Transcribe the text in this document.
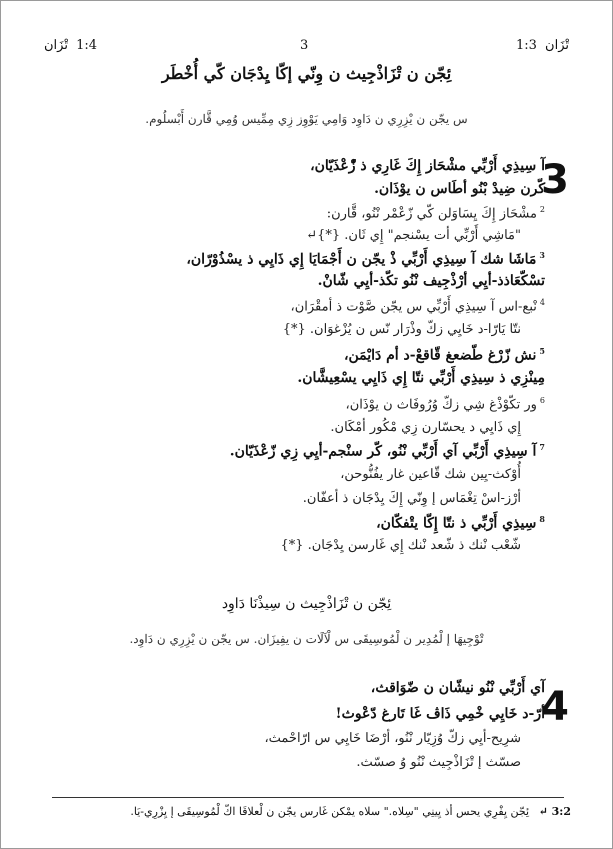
تْزَان 1:4	3	1:3 تْزَان
ئِجّن ن تْزَاذْجِيث ن وِنّي إكّا يِدْجَان كّي أُخْطَر
س يجّن ن يْزِرِي ن دَاوِد وَامِي يَوْوِز زِي مِمِّيس وُمِي قَّارن أَبْسلُوم.
3
آ سِيذِي أَرْبِّي مشْحَاز إِكَ غَارِي ذ زّْعْذَيّان،
كّرن ضِيدْ بْنُو أطَاس ن يوْذَان.
$^2$مشْحَاز إِكَ يِسَاوَلن كّي زّعْمْر نْنُو، قَّارن:
"مَاشِي أَرْبِّي أت يسْنجم" إِي ثَان. {*}↵
$^3$مَاشَا شك آ سِيذِي أَرْبِّي ذْ يجّن ن أَجْمَايَا إِي ذَايِي ذ يسْذُوْرّان،
تسْكّعَاذذ-أيِي أرْذْجِيف نْنُو تكّذ-أيِي شّانْ.
$^4$نْبع-اس آ سِيذِي أَرْبِّي س يجّن صَّوْت ذ أمقْرَان،
نتّا يَارّا-د خَايِي زكّ وذْرَار نّس ن يُزْغوَان. {*}
$^5$نش زّرْغ طّضعغ قّاقعْ-د أم دَايْمَن،
مِينْزِي ذ سِيذِي أَرْبِّي نتّا إِي ذَايِي يسْعِيشَّان.
$^6$ور تكّوْذْغ شِي زكّ وُرُوفَاث ن يوْذَان،
إِي ذَايِي د يحسّارن زِي مْكُور أمْكَان.
$^7$آ سِيذِي أَرْبِّي آي أَرْبِّي نْنُو، كّر سنْجم-أيِي زِي زّعْذَيّان.
أُوْكث-يِين شك قّاعين غار يفُنُّوحن،
أرْز-اسْ تِغْمَاس إ وِنّي إِكَ يِدْجَان ذ أعفّان.
$^8$سِيذِي أَرْبِّي ذ نتّا إِكّا يتْفكّان،
شّعْب نْنك ذ شّعد نْنك إِي غَارسن يِدْجَان. {*}
ئِجّن ن تْزَاذْجِيث ن سِيذْنَا دَاوِد
تْوْجِيهَا إ لْمُدِير ن لْمُوسِيقَى س لْآلَات ن يفِيزَان. س يجّن ن يْزِرِي ن دَاوِد.
4
آي أَرْبِّي نْنُو نيشّان ن ضّوَاقث،
أرّ-د خَايِي خْمِي ذَاڤ غَا تَارغ دّعْوث!
شرِيح-أيِي زكّ وُزِيّار نْنُو، أرْضَا خَايِي س ارّاحْمث،
صسّث إ تْزَاذْجِيث نْنُو وُ صسّث.
3:2 ↵ ئِجّن يِفْرِي يحس أذ يِينِي "سِلاه." سلاه يمْكن غَارس يجّن ن لْعلاقَا اكّ لْمُوسِيقَى إ يِزْرِي-يَا.
